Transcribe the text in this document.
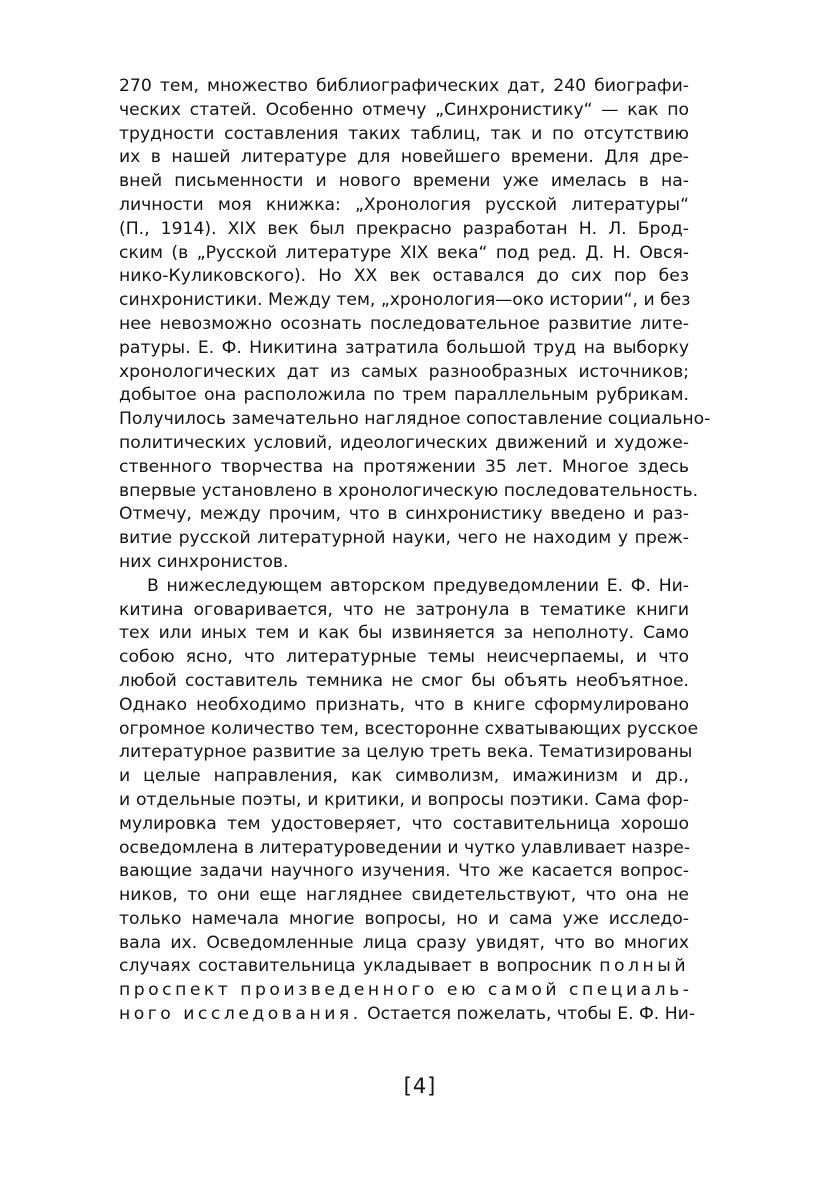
270 тем, множество библиографических дат, 240 биографи-
ческих статей. Особенно отмечу „Синхронистику“ — как по
трудности составления таких таблиц, так и по отсутствию
их в нашей литературе для новейшего времени. Для дре-
вней письменности и нового времени уже имелась в на-
личности моя книжка: „Хронология русской литературы“
(П., 1914). XIX век был прекрасно разработан Н. Л. Брод-
ским (в „Русской литературе XIX века“ под ред. Д. Н. Овся-
нико-Куликовского). Но XX век оставался до сих пор без
синхронистики. Между тем, „хронология—око истории“, и без
нее невозможно осознать последовательное развитие лите-
ратуры. Е. Ф. Никитина затратила большой труд на выборку
хронологических дат из самых разнообразных источников;
добытое она расположила по трем параллельным рубрикам.
Получилось замечательно наглядное сопоставление социально-
политических условий, идеологических движений и художе-
ственного творчества на протяжении 35 лет. Многое здесь
впервые установлено в хронологическую последовательность.
Отмечу, между прочим, что в синхронистику введено и раз-
витие русской литературной науки, чего не находим у преж-
них синхронистов.
В нижеследующем авторском предуведомлении Е. Ф. Ни-
китина оговаривается, что не затронула в тематике книги
тех или иных тем и как бы извиняется за неполноту. Само
собою ясно, что литературные темы неисчерпаемы, и что
любой составитель темника не смог бы объять необъятное.
Однако необходимо признать, что в книге сформулировано
огромное количество тем, всесторонне схватывающих русское
литературное развитие за целую треть века. Тематизированы
и целые направления, как символизм, имажинизм и др.,
и отдельные поэты, и критики, и вопросы поэтики. Сама фор-
мулировка тем удостоверяет, что составительница хорошо
осведомлена в литературоведении и чутко улавливает назре-
вающие задачи научного изучения. Что же касается вопрос-
ников, то они еще нагляднее свидетельствуют, что она не
только намечала многие вопросы, но и сама уже исследо-
вала их. Осведомленные лица сразу увидят, что во многих
случаях составительница укладывает в вопросник полный
проспект произведенного ею самой специаль-
ного исследования. Остается пожелать, чтобы Е. Ф. Ни-
[4]
